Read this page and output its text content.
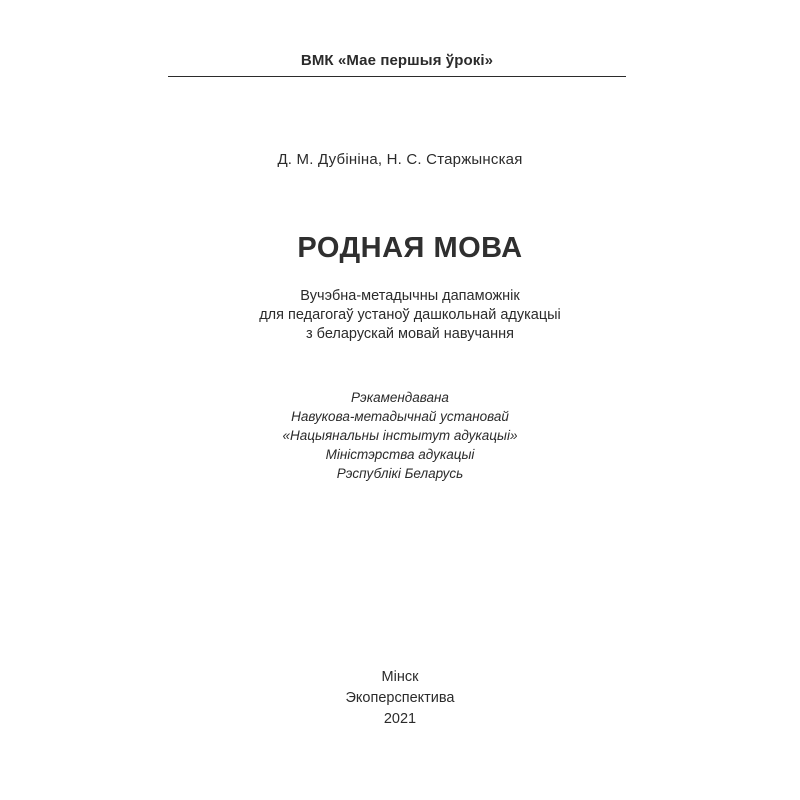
ВМК «Мае першыя ўрокі»
Д. М. Дубініна, Н. С. Старжынская
РОДНАЯ МОВА
Вучэбна-метадычны дапаможнік
для педагогаў устаноў дашкольнай адукацыі
з беларускай мовай навучання
Рэкамендавана
Навукова-метадычнай установай
«Нацыянальны інстытут адукацыі»
Міністэрства адукацыі
Рэспублікі Беларусь
Мінск
Экоперспектива
2021
